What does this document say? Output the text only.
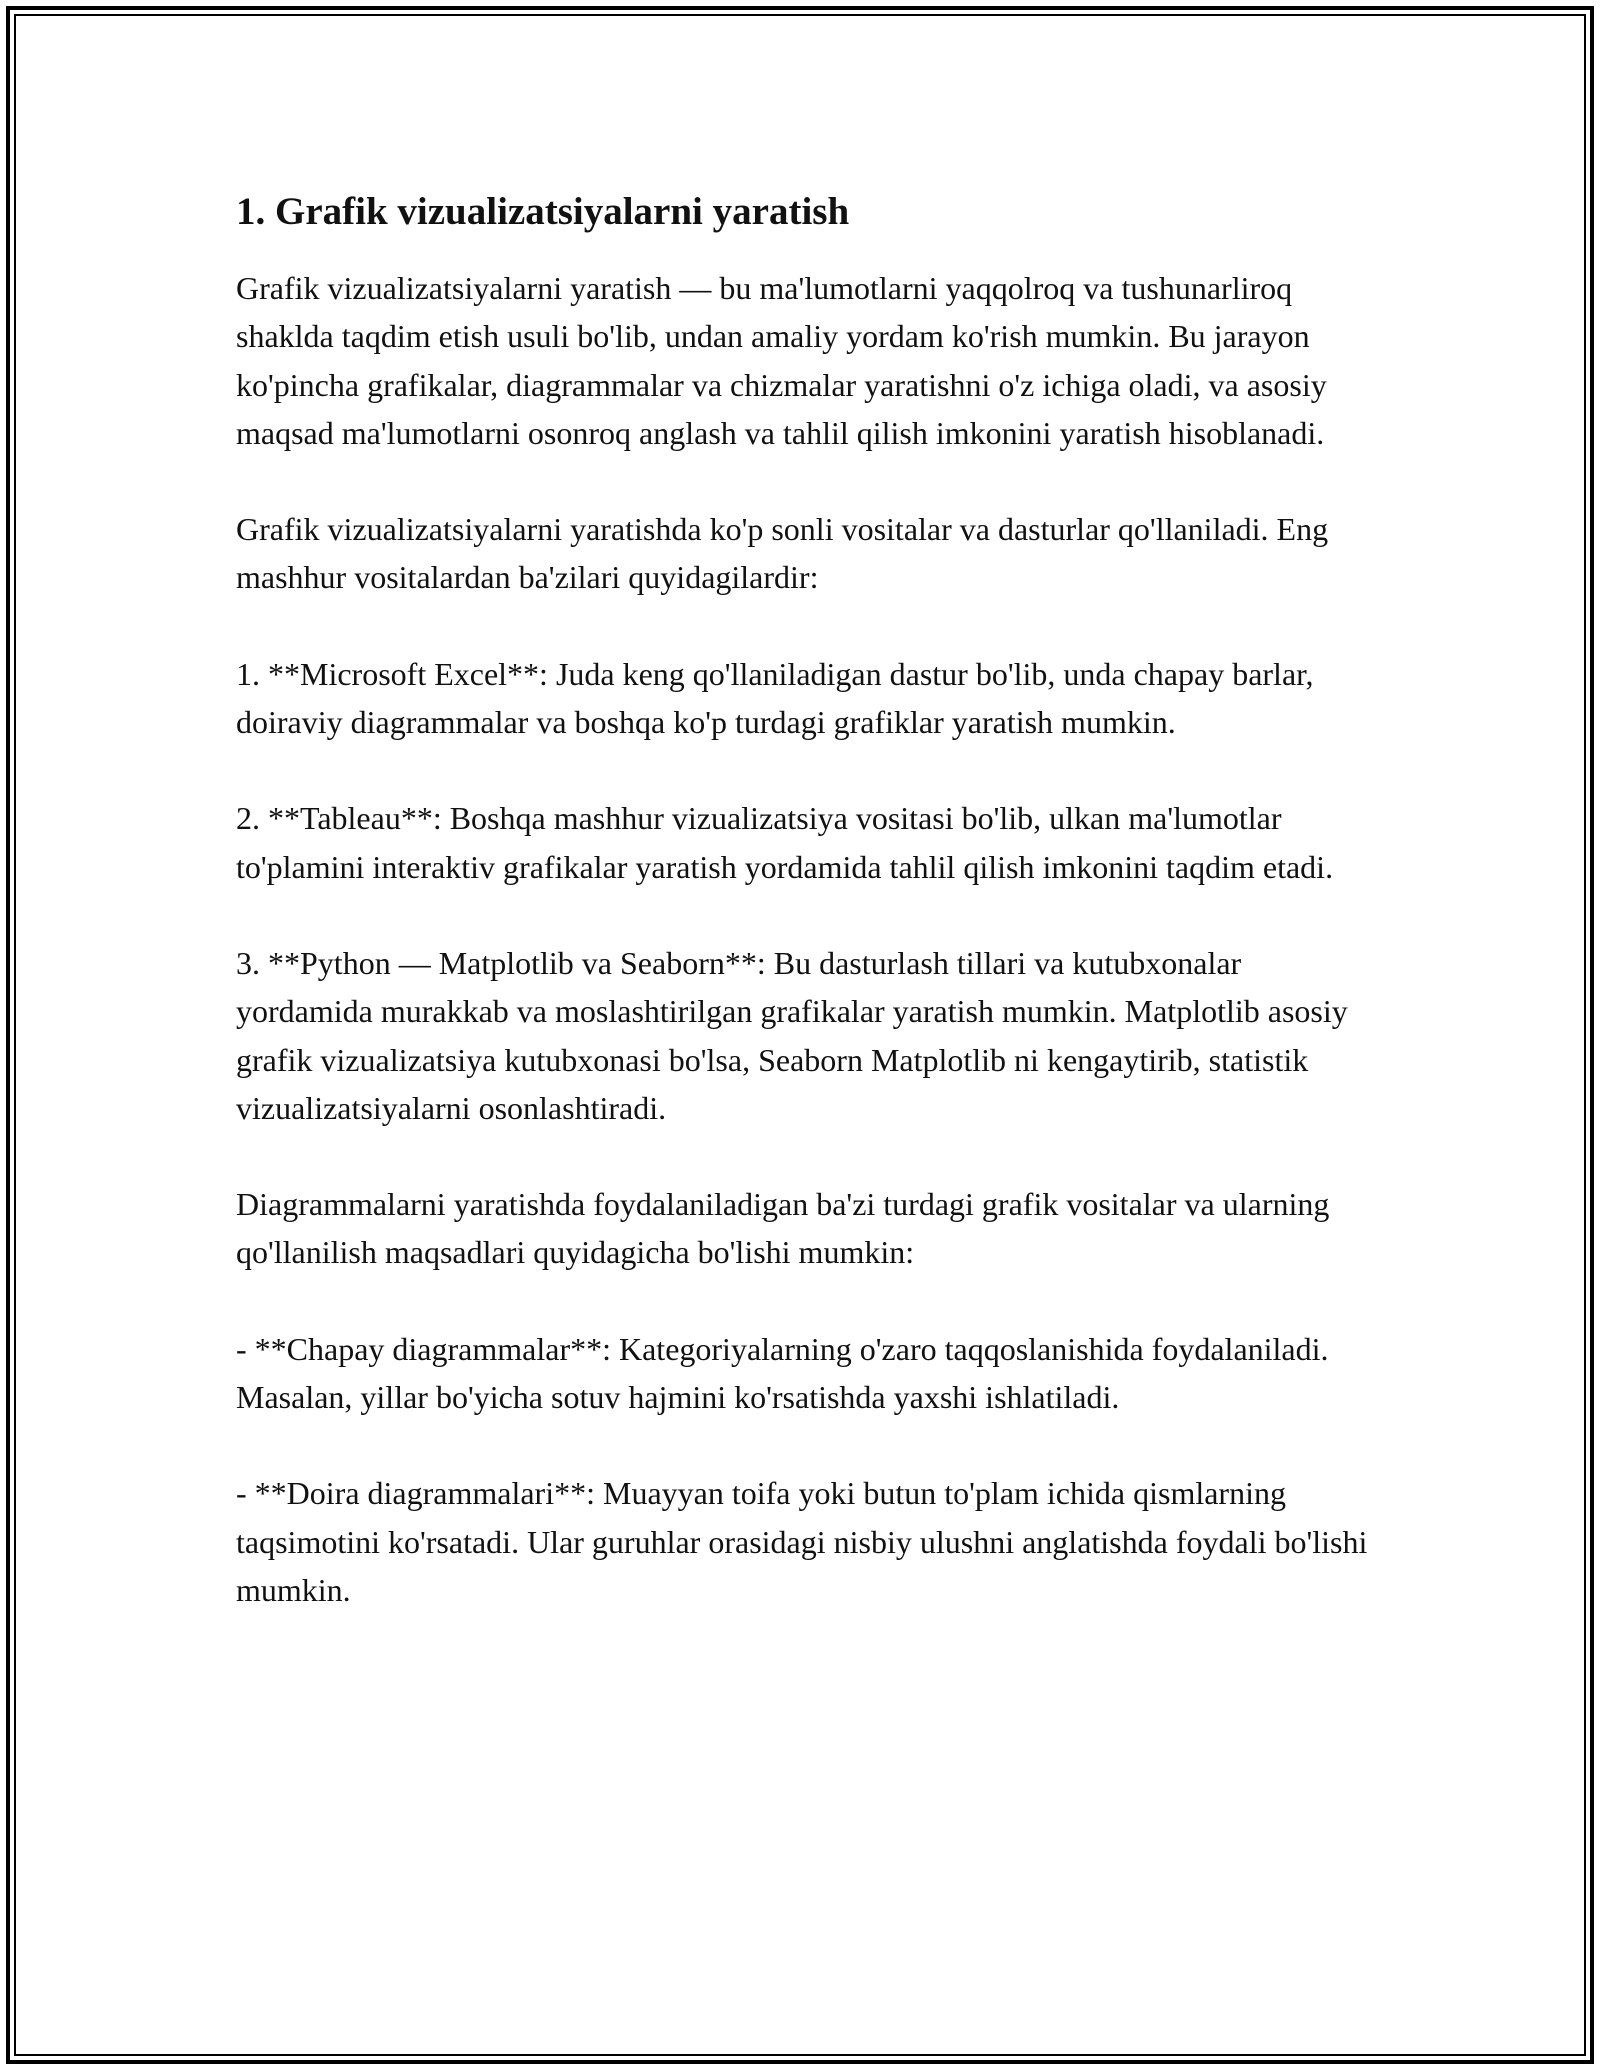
1. Grafik vizualizatsiyalarni yaratish

Grafik vizualizatsiyalarni yaratish — bu ma'lumotlarni yaqqolroq va tushunarliroq shaklda taqdim etish usuli bo'lib, undan amaliy yordam ko'rish mumkin. Bu jarayon ko'pincha grafikalar, diagrammalar va chizmalar yaratishni o'z ichiga oladi, va asosiy maqsad ma'lumotlarni osonroq anglash va tahlil qilish imkonini yaratish hisoblanadi.

Grafik vizualizatsiyalarni yaratishda ko'p sonli vositalar va dasturlar qo'llaniladi. Eng mashhur vositalardan ba'zilari quyidagilardir:

1. **Microsoft Excel**: Juda keng qo'llaniladigan dastur bo'lib, unda chapay barlar, doiraviy diagrammalar va boshqa ko'p turdagi grafiklar yaratish mumkin.

2. **Tableau**: Boshqa mashhur vizualizatsiya vositasi bo'lib, ulkan ma'lumotlar to'plamini interaktiv grafikalar yaratish yordamida tahlil qilish imkonini taqdim etadi.

3. **Python — Matplotlib va Seaborn**: Bu dasturlash tillari va kutubxonalar yordamida murakkab va moslashtirilgan grafikalar yaratish mumkin. Matplotlib asosiy grafik vizualizatsiya kutubxonasi bo'lsa, Seaborn Matplotlib ni kengaytirib, statistik vizualizatsiyalarni osonlashtiradi.

Diagrammalarni yaratishda foydalaniladigan ba'zi turdagi grafik vositalar va ularning qo'llanilish maqsadlari quyidagicha bo'lishi mumkin:

- **Chapay diagrammalar**: Kategoriyalarning o'zaro taqqoslanishida foydalaniladi. Masalan, yillar bo'yicha sotuv hajmini ko'rsatishda yaxshi ishlatiladi.

- **Doira diagrammalari**: Muayyan toifa yoki butun to'plam ichida qismlarning taqsimotini ko'rsatadi. Ular guruhlar orasidagi nisbiy ulushni anglatishda foydali bo'lishi mumkin.
